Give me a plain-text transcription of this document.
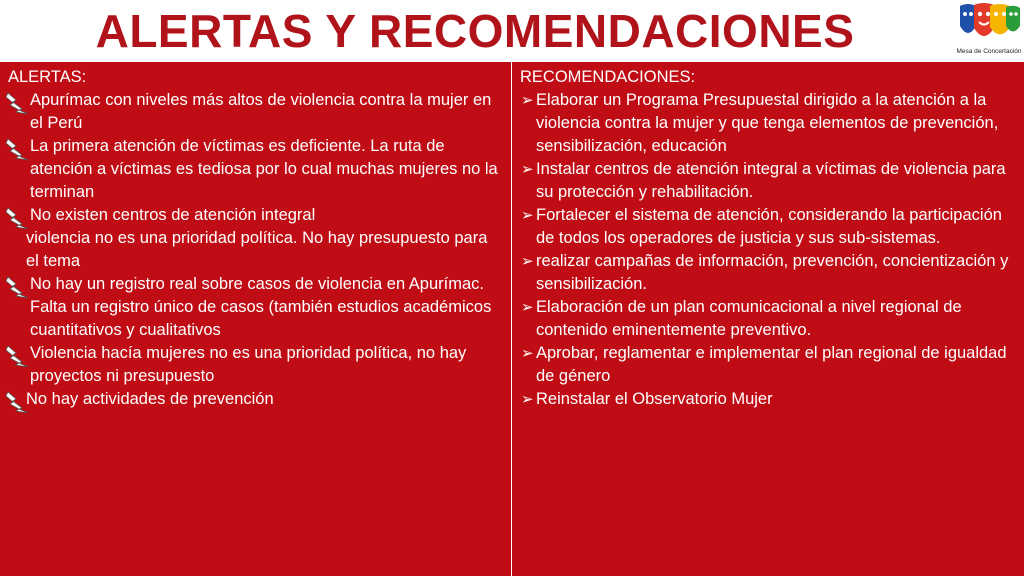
ALERTAS Y RECOMENDACIONES	Mesa de Concertación
ALERTAS:
Apurímac con niveles más altos de violencia contra la mujer en el Perú
La primera atención de víctimas es deficiente. La ruta de atención a víctimas es tediosa por lo cual muchas mujeres no la terminan
No existen centros de atención integral
violencia no es una prioridad política. No hay presupuesto para el tema
No hay un registro real sobre casos de violencia en Apurímac. Falta un registro único de casos (también estudios académicos cuantitativos y cualitativos
Violencia hacía mujeres no es una prioridad política, no hay proyectos ni presupuesto
No hay actividades de prevención
RECOMENDACIONES:
➢ Elaborar un Programa Presupuestal dirigido a la atención a la violencia contra la mujer y que tenga elementos de prevención, sensibilización, educación
➢ Instalar centros de atención integral a víctimas de violencia para su protección y rehabilitación.
➢ Fortalecer el sistema de atención, considerando la participación de todos los operadores de justicia y sus sub-sistemas.
➢ realizar campañas de información, prevención, concientización y sensibilización.
➢ Elaboración de un plan comunicacional a nivel regional de contenido eminentemente preventivo.
➢ Aprobar, reglamentar e implementar el plan regional de igualdad de género
➢ Reinstalar el Observatorio Mujer
